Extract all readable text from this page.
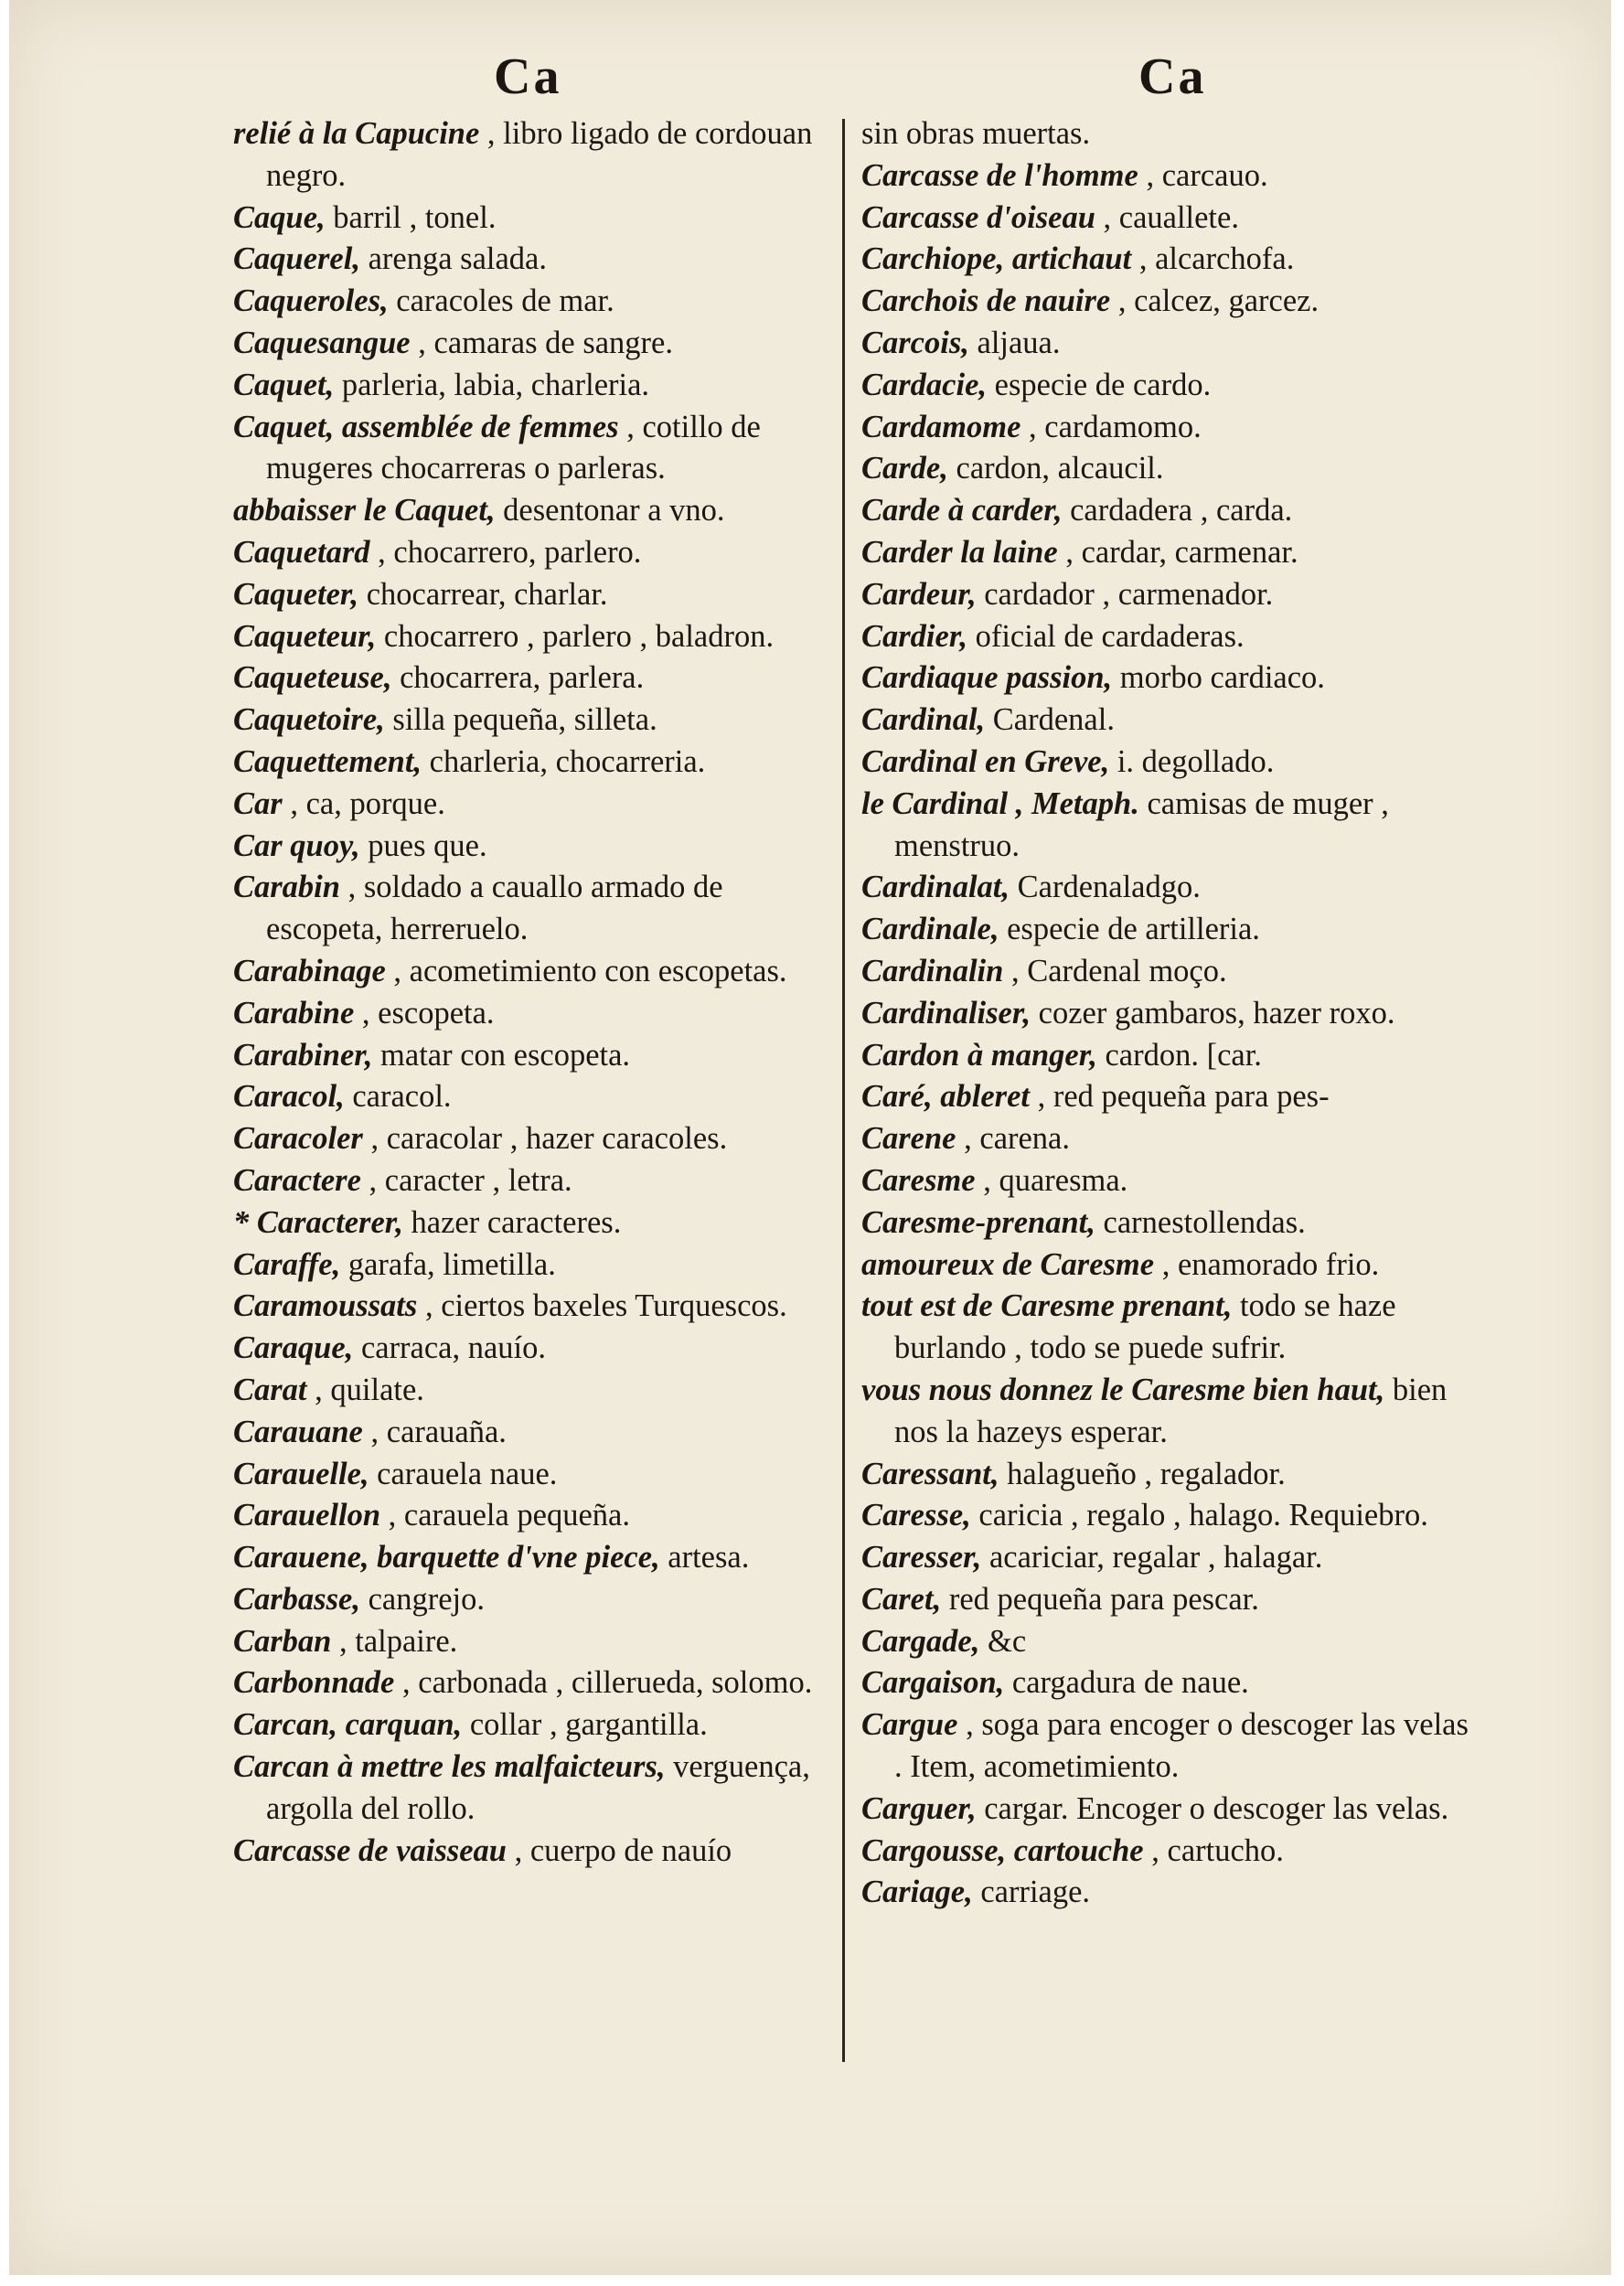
Ca	Ca
relié à la Capucine , libro ligado de cordouan negro.
Caque, barril , tonel.
Caquerel, arenga salada.
Caqueroles, caracoles de mar.
Caquesangue , camaras de sangre.
Caquet, parleria, labia, charleria.
Caquet, assemblée de femmes , cotillo de mugeres chocarreras o parleras.
abbaisser le Caquet, desentonar a vno.
Caquetard , chocarrero, parlero.
Caqueter, chocarrear, charlar.
Caqueteur, chocarrero , parlero , baladron.
Caqueteuse, chocarrera, parlera.
Caquetoire, silla pequeña, silleta.
Caquettement, charleria, chocarreria.
Car , ca, porque.
Car quoy, pues que.
Carabin , soldado a cauallo armado de escopeta, herreruelo.
Carabinage , acometimiento con escopetas.
Carabine , escopeta.
Carabiner, matar con escopeta.
Caracol, caracol.
Caracoler , caracolar , hazer caracoles.
Caractere , caracter , letra.
* Caracterer, hazer caracteres.
Caraffe, garafa, limetilla.
Caramoussats , ciertos baxeles Turquescos.
Caraque, carraca, nauío.
Carat , quilate.
Carauane , carauaña.
Carauelle, carauela naue.
Carauellon , carauela pequeña.
Carauene, barquette d'vne piece, artesa.
Carbasse, cangrejo.
Carban , talpaire.
Carbonnade , carbonada , cillerueda, solomo.
Carcan, carquan, collar , gargantilla.
Carcan à mettre les malfaicteurs, verguença, argolla del rollo.
Carcasse de vaisseau , cuerpo de nauío
sin obras muertas.
Carcasse de l'homme , carcauo.
Carcasse d'oiseau , cauallete.
Carchiope, artichaut , alcarchofa.
Carchois de nauire , calcez, garcez.
Carcois, aljaua.
Cardacie, especie de cardo.
Cardamome , cardamomo.
Carde, cardon, alcaucil.
Carde à carder, cardadera , carda.
Carder la laine , cardar, carmenar.
Cardeur, cardador , carmenador.
Cardier, oficial de cardaderas.
Cardiaque passion, morbo cardiaco.
Cardinal, Cardenal.
Cardinal en Greve, i. degollado.
le Cardinal , Metaph. camisas de muger , menstruo.
Cardinalat, Cardenaladgo.
Cardinale, especie de artilleria.
Cardinalin , Cardenal moço.
Cardinaliser, cozer gambaros, hazer roxo.
Cardon à manger, cardon. [car.
Caré, ableret , red pequeña para pes-
Carene , carena.
Caresme , quaresma.
Caresme-prenant, carnestollendas.
amoureux de Caresme , enamorado frio.
tout est de Caresme prenant, todo se haze burlando , todo se puede sufrir.
vous nous donnez le Caresme bien haut, bien nos la hazeys esperar.
Caressant, halagueño , regalador.
Caresse, caricia , regalo , halago. Requiebro.
Caresser, acariciar, regalar , halagar.
Caret, red pequeña para pescar.
Cargade, &c
Cargaison, cargadura de naue.
Cargue , soga para encoger o descoger las velas . Item, acometimiento.
Carguer, cargar. Encoger o descoger las velas.
Cargousse, cartouche , cartucho.
Cariage, carriage.
